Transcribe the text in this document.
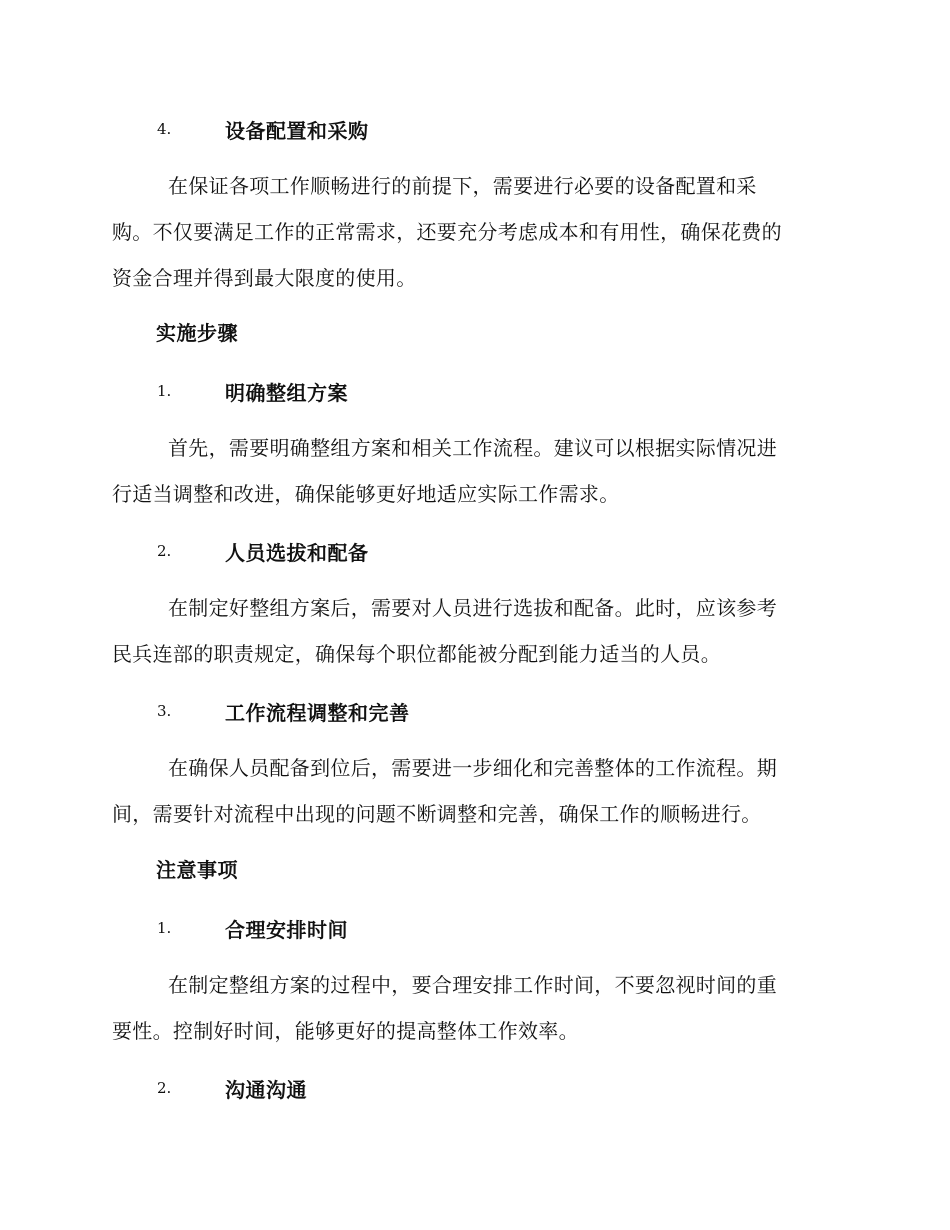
4.	设备配置和采购
在保证各项工作顺畅进行的前提下，需要进行必要的设备配置和采
购。不仅要满足工作的正常需求，还要充分考虑成本和有用性，确保花费的
资金合理并得到最大限度的使用。
实施步骤
1.	明确整组方案
首先，需要明确整组方案和相关工作流程。建议可以根据实际情况进
行适当调整和改进，确保能够更好地适应实际工作需求。
2.	人员选拔和配备
在制定好整组方案后，需要对人员进行选拔和配备。此时，应该参考
民兵连部的职责规定，确保每个职位都能被分配到能力适当的人员。
3.	工作流程调整和完善
在确保人员配备到位后，需要进一步细化和完善整体的工作流程。期
间，需要针对流程中出现的问题不断调整和完善，确保工作的顺畅进行。
注意事项
1.	合理安排时间
在制定整组方案的过程中，要合理安排工作时间，不要忽视时间的重
要性。控制好时间，能够更好的提高整体工作效率。
2.	沟通沟通
